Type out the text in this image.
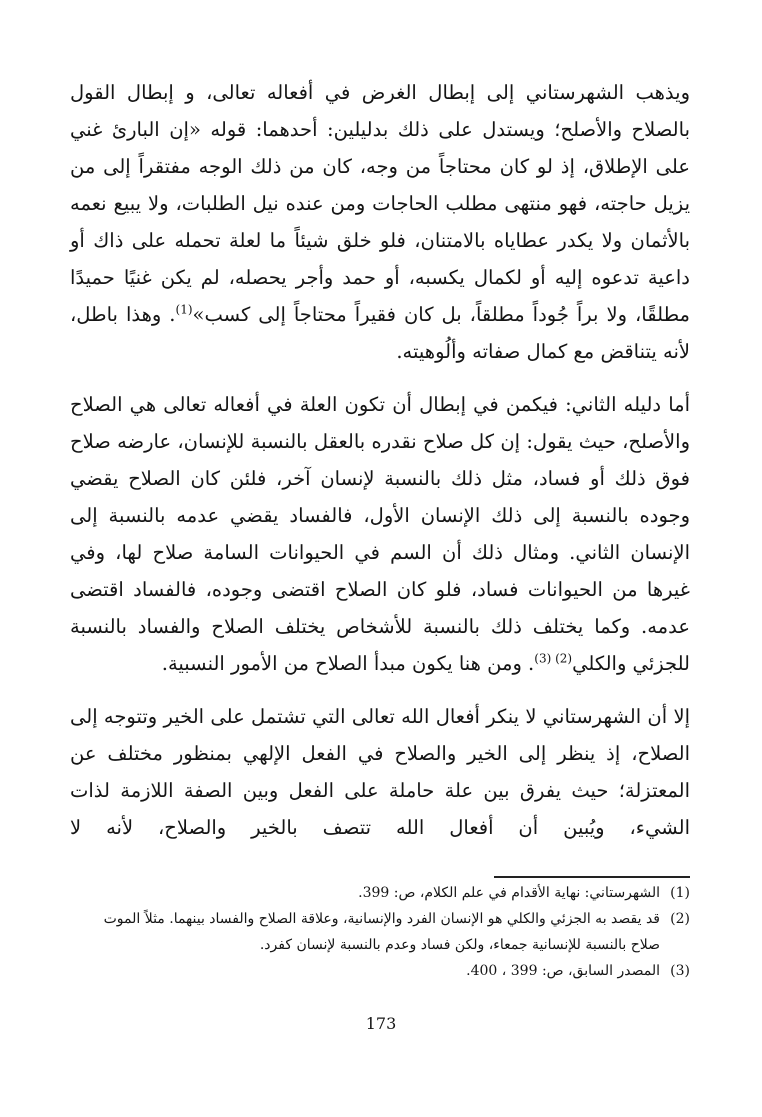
ويذهب الشهرستاني إلى إبطال الغرض في أفعاله تعالى، و إبطال القول بالصلاح والأصلح؛ ويستدل على ذلك بدليلين: أحدهما: قوله «إن البارئ غني على الإطلاق، إذ لو كان محتاجاً من وجه، كان من ذلك الوجه مفتقراً إلى من يزيل حاجته، فهو منتهى مطلب الحاجات ومن عنده نيل الطلبات، ولا يبيع نعمه بالأثمان ولا يكدر عطاياه بالامتنان، فلو خلق شيئاً ما لعلة تحمله على ذاك أو داعية تدعوه إليه أو لكمال يكسبه، أو حمد وأجر يحصله، لم يكن غنيًا حميدًا مطلقًا، ولا براً جُوداً مطلقاً، بل كان فقيراً محتاجاً إلى كسب»$^{(1)}$. وهذا باطل، لأنه يتناقض مع كمال صفاته وألُوهيته.

أما دليله الثاني: فيكمن في إبطال أن تكون العلة في أفعاله تعالى هي الصلاح والأصلح، حيث يقول: إن كل صلاح نقدره بالعقل بالنسبة للإنسان، عارضه صلاح فوق ذلك أو فساد، مثل ذلك بالنسبة لإنسان آخر، فلئن كان الصلاح يقضي وجوده بالنسبة إلى ذلك الإنسان الأول، فالفساد يقضي عدمه بالنسبة إلى الإنسان الثاني. ومثال ذلك أن السم في الحيوانات السامة صلاح لها، وفي غيرها من الحيوانات فساد، فلو كان الصلاح اقتضى وجوده، فالفساد اقتضى عدمه. وكما يختلف ذلك بالنسبة للأشخاص يختلف الصلاح والفساد بالنسبة للجزئي والكلي$^{(2) (3)}$. ومن هنا يكون مبدأ الصلاح من الأمور النسبية.

إلا أن الشهرستاني لا ينكر أفعال الله تعالى التي تشتمل على الخير وتتوجه إلى الصلاح، إذ ينظر إلى الخير والصلاح في الفعل الإلهي بمنظور مختلف عن المعتزلة؛ حيث يفرق بين علة حاملة على الفعل وبين الصفة اللازمة لذات الشيء، ويُبين أن أفعال الله تتصف بالخير والصلاح، لأنه لا

(1)
الشهرستاني: نهاية الأقدام في علم الكلام، ص: 399.
(2)
قد يقصد به الجزئي والكلي هو الإنسان الفرد والإنسانية، وعلاقة الصلاح والفساد بينهما. مثلاً الموت صلاح بالنسبة للإنسانية جمعاء، ولكن فساد وعدم بالنسبة لإنسان كفرد.
(3)
المصدر السابق، ص: 399 ، 400.
173
